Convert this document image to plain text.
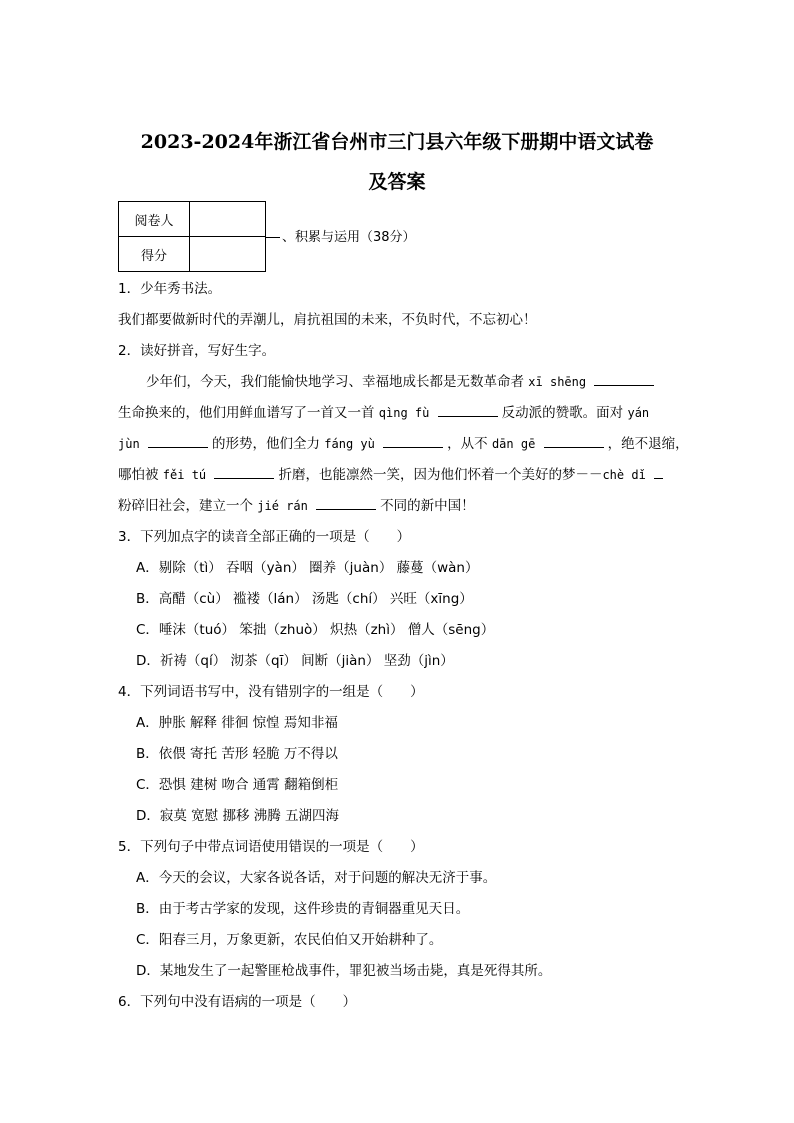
2023-2024年浙江省台州市三门县六年级下册期中语文试卷
及答案
阅卷人	
得分	
、积累与运用（38分）
1．少年秀书法。
我们都要做新时代的弄潮儿，肩抗祖国的未来，不负时代，不忘初心！
2．读好拼音，写好生字。
少年们，今天，我们能愉快地学习、幸福地成长都是无数革命者 xī shēng
生命换来的，他们用鲜血谱写了一首又一首 qìng fù	反动派的赞歌。面对 yán
jùn	的形势，他们全力 fáng yù	，从不 dān gē	，绝不退缩，
哪怕被 fěi tú	折磨，也能凛然一笑，因为他们怀着一个美好的梦－－chè dǐ
粉碎旧社会，建立一个 jié rán	不同的新中国！
3．下列加点字的读音全部正确的一项是（　　）
A．剔除（tì） 吞咽（yàn） 圈养（juàn） 藤蔓（wàn）
B．高醋（cù） 褴褛（lán） 汤匙（chí） 兴旺（xīng）
C．唾沫（tuó） 笨拙（zhuò） 炽热（zhì） 僧人（sēng）
D．祈祷（qí） 沏茶（qī） 间断（jiàn） 坚劲（jìn）
4．下列词语书写中，没有错别字的一组是（　　）
A．肿胀 解释 徘徊 惊惶 焉知非福
B．依偎 寄托 苦形 轻脆 万不得以
C．恐惧 建树 吻合 通霄 翻箱倒柜
D．寂莫 宽慰 挪移 沸腾 五湖四海
5．下列句子中带点词语使用错误的一项是（　　）
A．今天的会议，大家各说各话，对于问题的解决无济于事。
B．由于考古学家的发现，这件珍贵的青铜器重见天日。
C．阳春三月，万象更新，农民伯伯又开始耕种了。
D．某地发生了一起警匪枪战事件，罪犯被当场击毙，真是死得其所。
6．下列句中没有语病的一项是（　　）
